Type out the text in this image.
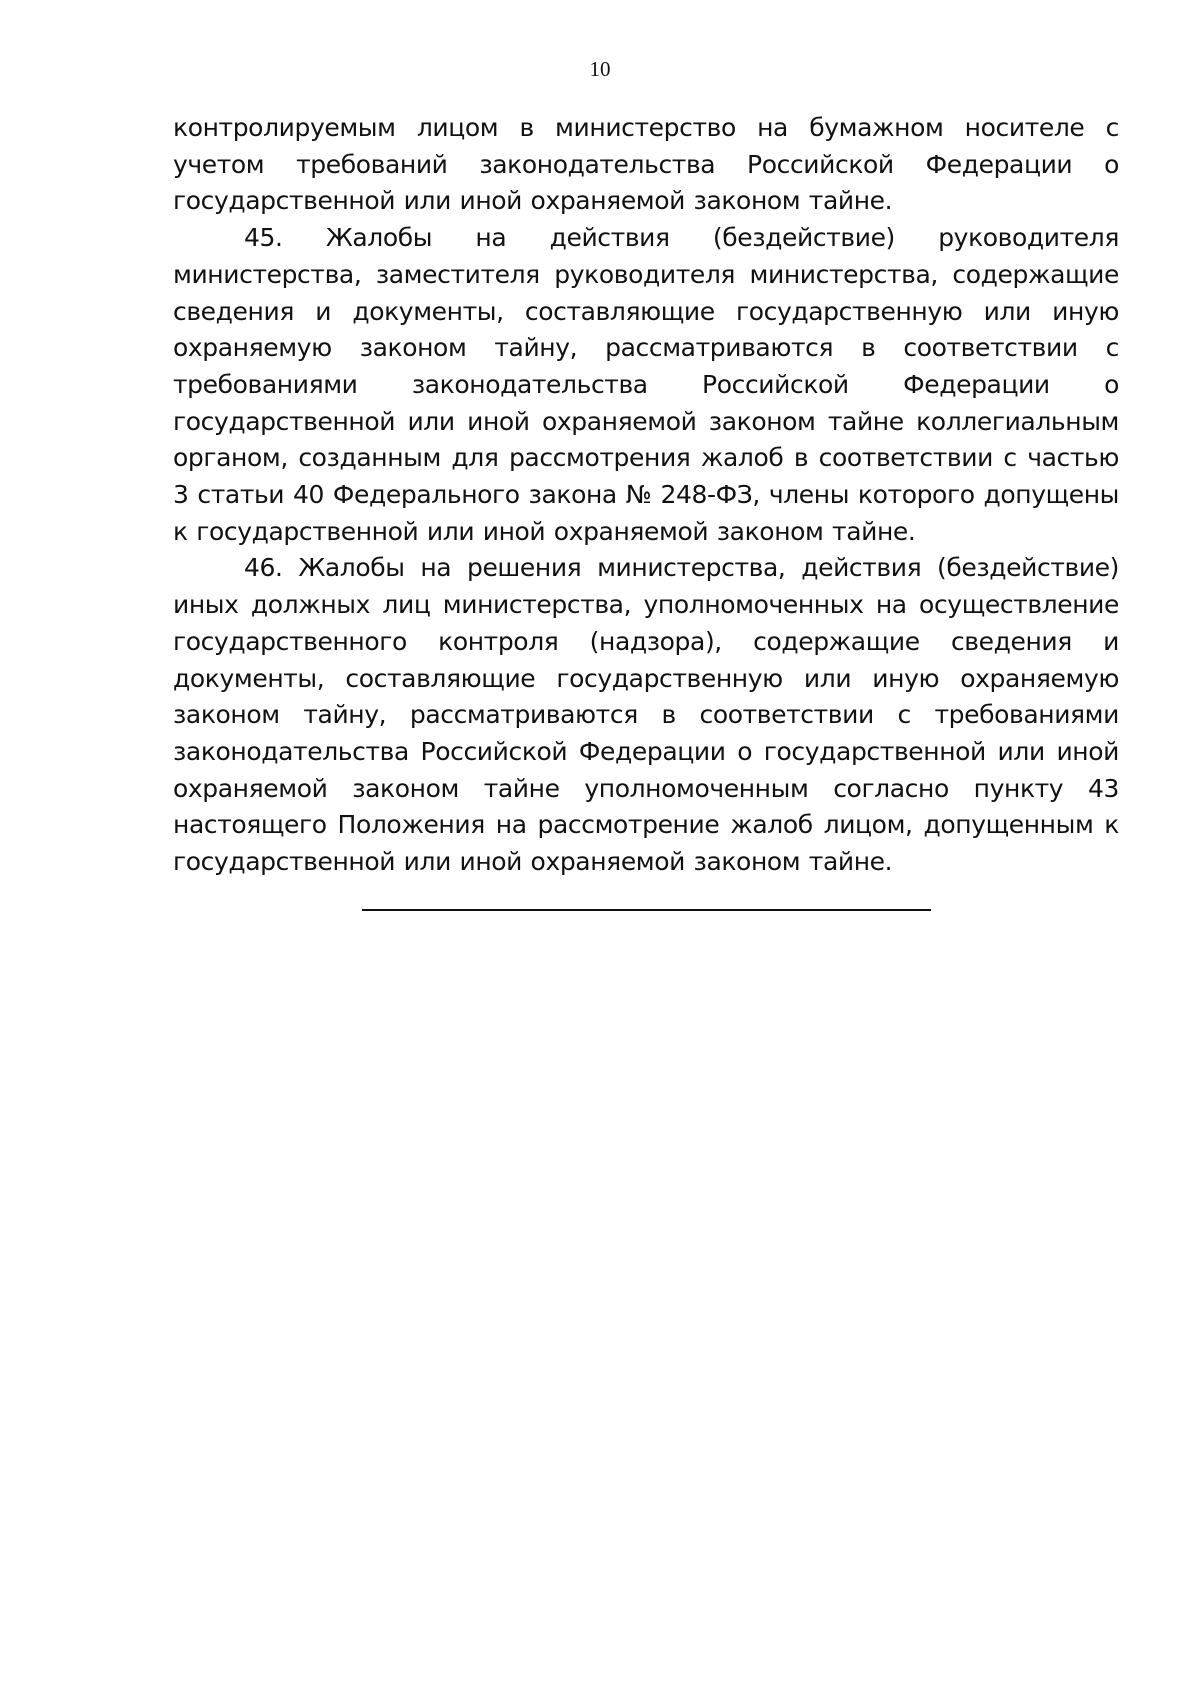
10

контролируемым лицом в министерство на бумажном носителе с учетом требований законодательства Российской Федерации о государственной или иной охраняемой законом тайне.

45. Жалобы на действия (бездействие) руководителя министерства, заместителя руководителя министерства, содержащие сведения и документы, составляющие государственную или иную охраняемую законом тайну, рассматриваются в соответствии с требованиями законодательства Российской Федерации о государственной или иной охраняемой законом тайне коллегиальным органом, созданным для рассмотрения жалоб в соответствии с частью 3 статьи 40 Федерального закона № 248-ФЗ, члены которого допущены к государственной или иной охраняемой законом тайне.

46. Жалобы на решения министерства, действия (бездействие) иных должных лиц министерства, уполномоченных на осуществление государственного контроля (надзора), содержащие сведения и документы, составляющие государственную или иную охраняемую законом тайну, рассматриваются в соответствии с требованиями законодательства Российской Федерации о государственной или иной охраняемой законом тайне уполномоченным согласно пункту 43 настоящего Положения на рассмотрение жалоб лицом, допущенным к государственной или иной охраняемой законом тайне.
